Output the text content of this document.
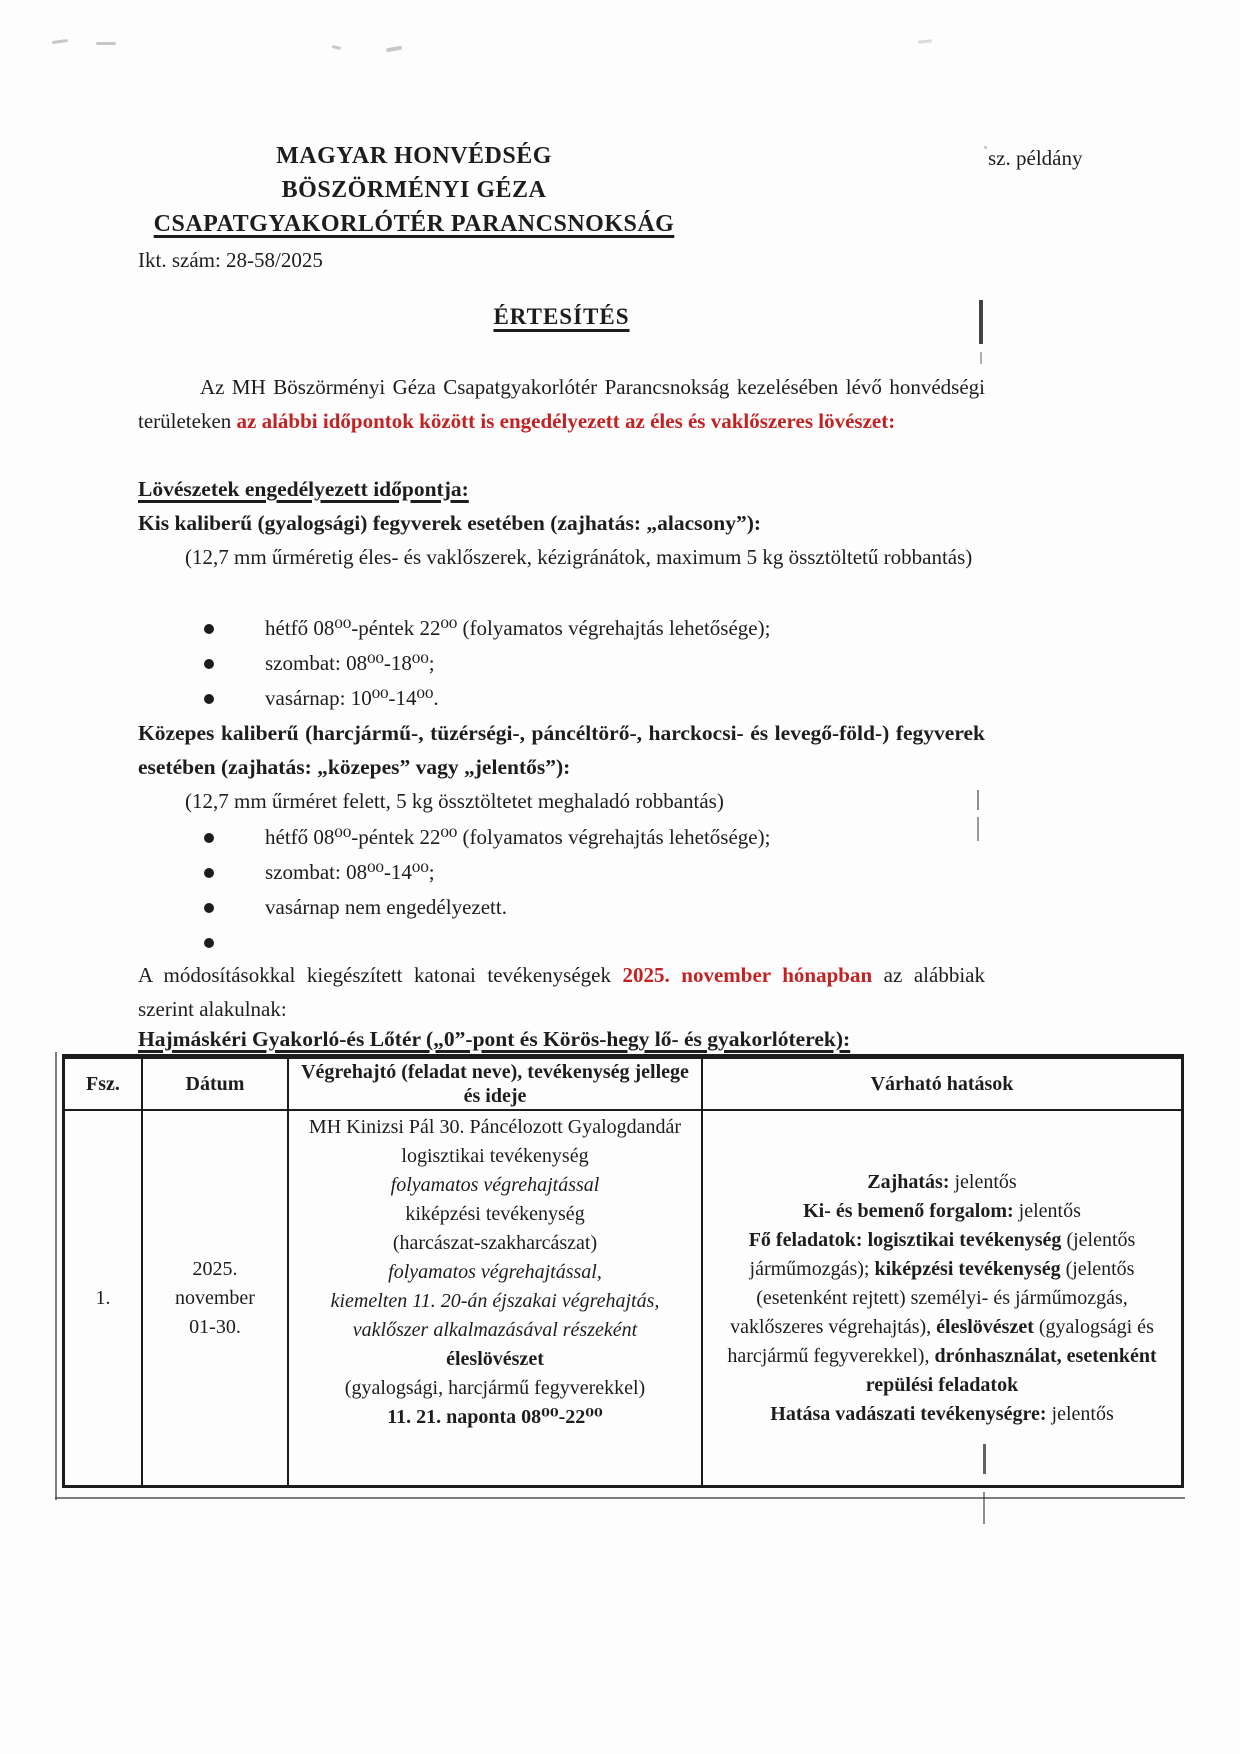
MAGYAR HONVÉDSÉG
BÖSZÖRMÉNYI GÉZA
CSAPATGYAKORLÓTÉR PARANCSNOKSÁG
sz. példány
Ikt. szám: 28-58/2025
ÉRTESÍTÉS
Az MH Böszörményi Géza Csapatgyakorlótér Parancsnokság kezelésében lévő honvédségi területeken az alábbi időpontok között is engedélyezett az éles és vaklőszeres lövészet:
Lövészetek engedélyezett időpontja:
Kis kaliberű (gyalogsági) fegyverek esetében (zajhatás: „alacsony”):
(12,7 mm űrméretig éles- és vaklőszerek, kézigránátok, maximum 5 kg össztöltetű robbantás)
hétfő 08⁰⁰-péntek 22⁰⁰ (folyamatos végrehajtás lehetősége);
szombat: 08⁰⁰-18⁰⁰;
vasárnap: 10⁰⁰-14⁰⁰.
Közepes kaliberű (harcjármű-, tüzérségi-, páncéltörő-, harckocsi- és levegő-föld-) fegyverek esetében (zajhatás: „közepes” vagy „jelentős”):
(12,7 mm űrméret felett, 5 kg össztöltetet meghaladó robbantás)
hétfő 08⁰⁰-péntek 22⁰⁰ (folyamatos végrehajtás lehetősége);
szombat: 08⁰⁰-14⁰⁰;
vasárnap nem engedélyezett.
A módosításokkal kiegészített katonai tevékenységek 2025. november hónapban az alábbiak szerint alakulnak:
Hajmáskéri Gyakorló-és Lőtér („0”-pont és Körös-hegy lő- és gyakorlóterek):
Fsz.	Dátum
Végrehajtó (feladat neve), tevékenység jellege és ideje
Várható hatások
1.
2025.
november
01-30.
MH Kinizsi Pál 30. Páncélozott Gyalogdandár
logisztikai tevékenység
folyamatos végrehajtással
kiképzési tevékenység
(harcászat-szakharcászat)
folyamatos végrehajtással,
kiemelten 11. 20-án éjszakai végrehajtás, vaklőszer alkalmazásával részeként
éleslövészet
(gyalogsági, harcjármű fegyverekkel)
11. 21. naponta 08⁰⁰-22⁰⁰
Zajhatás: jelentős
Ki- és bemenő forgalom: jelentős
Fő feladatok: logisztikai tevékenység (jelentős járműmozgás); kiképzési tevékenység (jelentős (esetenként rejtett) személyi- és járműmozgás, vaklőszeres végrehajtás), éleslövészet (gyalogsági és harcjármű fegyverekkel), drónhasználat, esetenként repülési feladatok
Hatása vadászati tevékenységre: jelentős
